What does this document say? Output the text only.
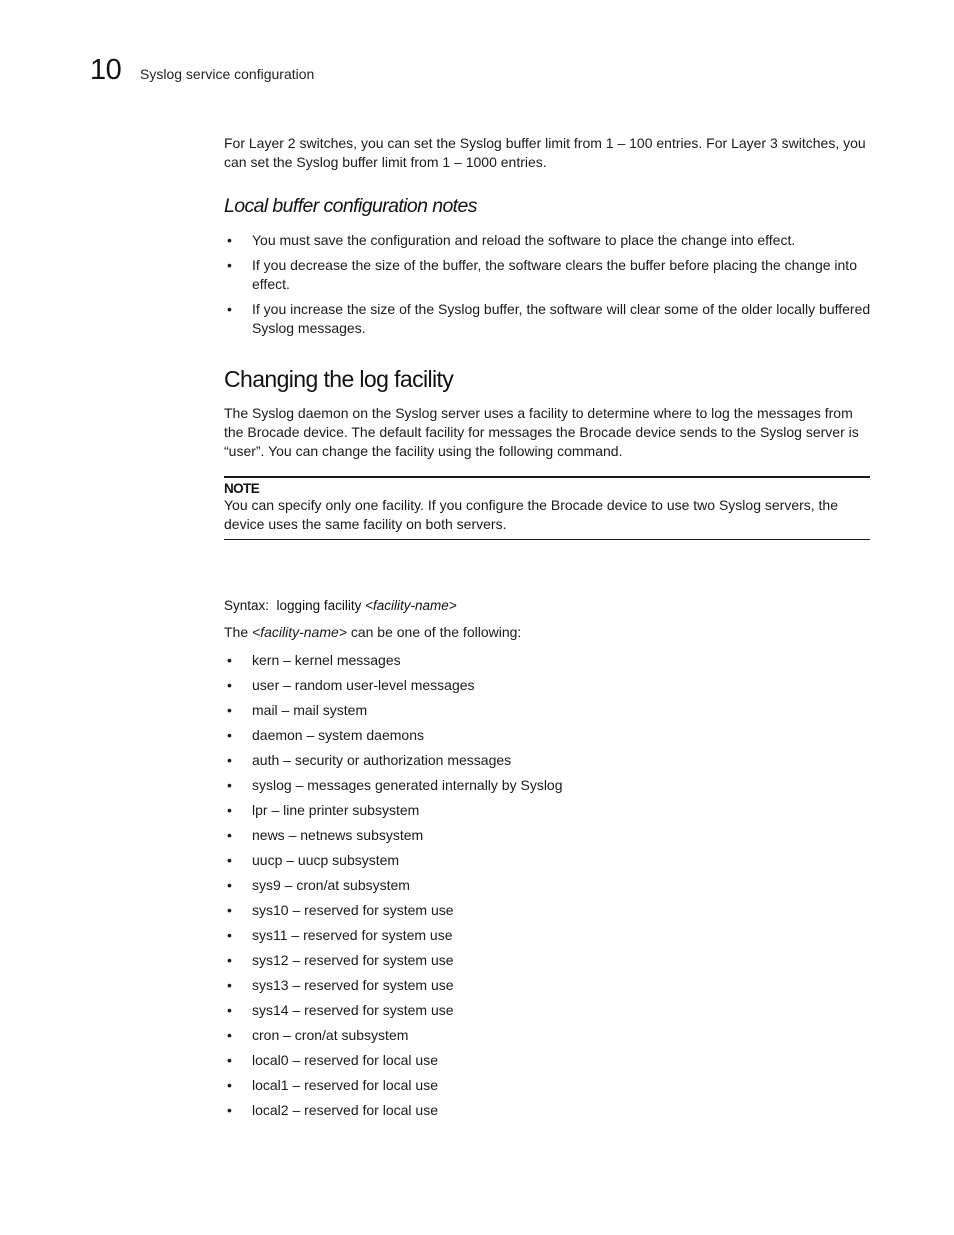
10 Syslog service configuration
For Layer 2 switches, you can set the Syslog buffer limit from 1 – 100 entries. For Layer 3 switches, you can set the Syslog buffer limit from 1 – 1000 entries.
Local buffer configuration notes
• You must save the configuration and reload the software to place the change into effect.
• If you decrease the size of the buffer, the software clears the buffer before placing the change into effect.
• If you increase the size of the Syslog buffer, the software will clear some of the older locally buffered Syslog messages.
Changing the log facility
The Syslog daemon on the Syslog server uses a facility to determine where to log the messages from the Brocade device. The default facility for messages the Brocade device sends to the Syslog server is “user”. You can change the facility using the following command.
NOTE
You can specify only one facility. If you configure the Brocade device to use two Syslog servers, the device uses the same facility on both servers.
Syntax: logging facility <facility-name>
The <facility-name> can be one of the following:
• kern – kernel messages
• user – random user-level messages
• mail – mail system
• daemon – system daemons
• auth – security or authorization messages
• syslog – messages generated internally by Syslog
• lpr – line printer subsystem
• news – netnews subsystem
• uucp – uucp subsystem
• sys9 – cron/at subsystem
• sys10 – reserved for system use
• sys11 – reserved for system use
• sys12 – reserved for system use
• sys13 – reserved for system use
• sys14 – reserved for system use
• cron – cron/at subsystem
• local0 – reserved for local use
• local1 – reserved for local use
• local2 – reserved for local use
